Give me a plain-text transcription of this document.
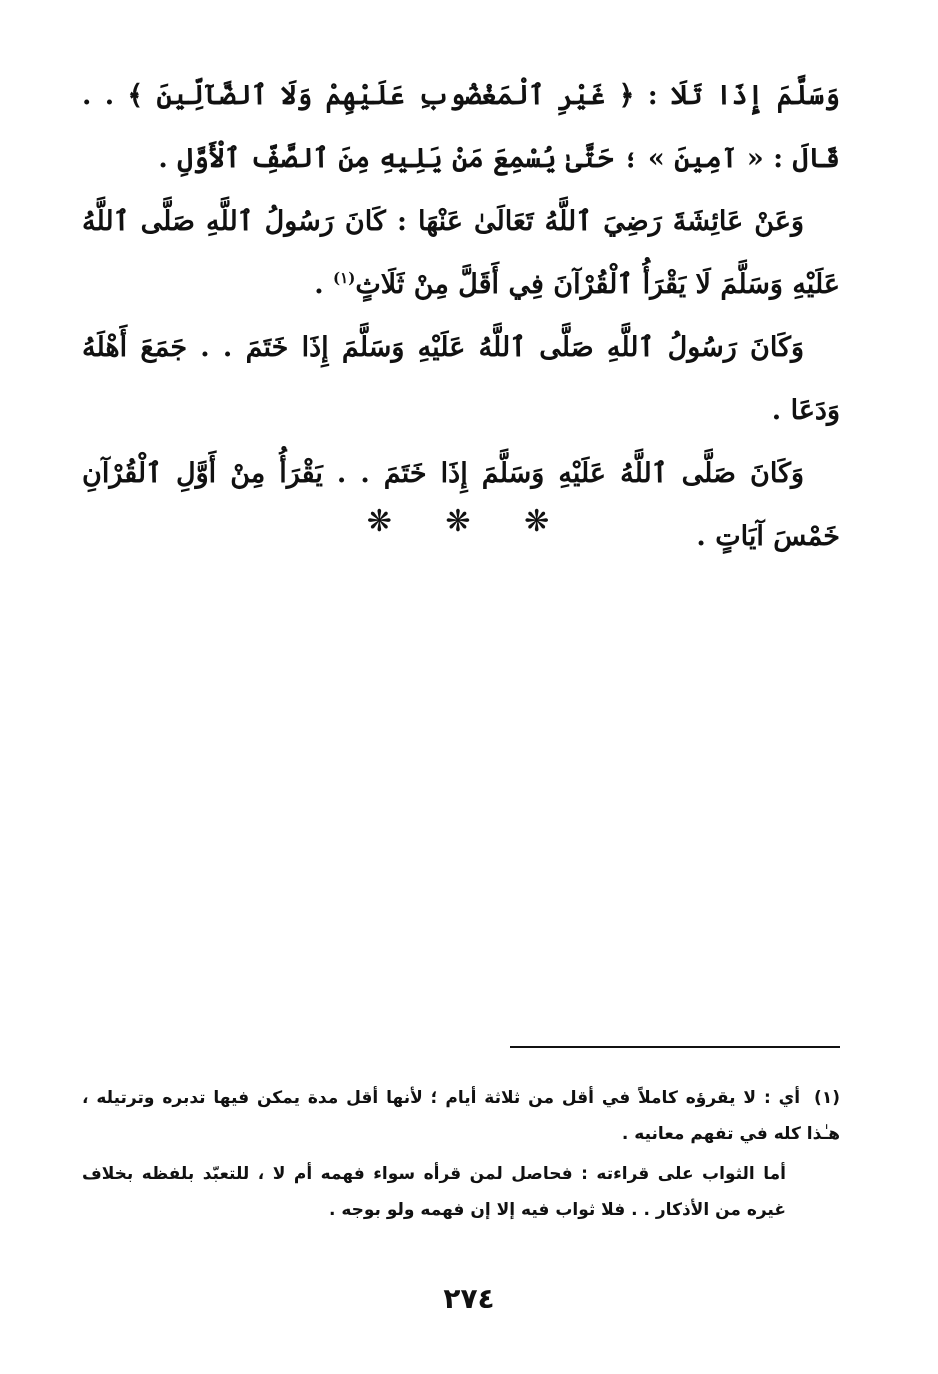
وَسَلَّمَ إِذَا تَلَا : ﴿ غَيْرِ ٱلْمَغْضُوبِ عَلَيْهِمْ وَلَا ٱلضَّآلِّينَ ﴾ . . قَالَ : « آمِينَ » ؛ حَتَّىٰ يُسْمِعَ مَنْ يَلِيهِ مِنَ ٱلصَّفِّ ٱلْأَوَّلِ .

وَعَنْ عَائِشَةَ رَضِيَ ٱللَّهُ تَعَالَىٰ عَنْهَا : كَانَ رَسُولُ ٱللَّهِ صَلَّى ٱللَّهُ عَلَيْهِ وَسَلَّمَ لَا يَقْرَأُ ٱلْقُرْآنَ فِي أَقَلَّ مِنْ ثَلَاثٍ$^{(١)}$ .

وَكَانَ رَسُولُ ٱللَّهِ صَلَّى ٱللَّهُ عَلَيْهِ وَسَلَّمَ إِذَا خَتَمَ . . جَمَعَ أَهْلَهُ وَدَعَا .

وَكَانَ صَلَّى ٱللَّهُ عَلَيْهِ وَسَلَّمَ إِذَا خَتَمَ . . يَقْرَأُ مِنْ أَوَّلِ ٱلْقُرْآنِ خَمْسَ آيَاتٍ .

❋ ❋ ❋

(١)أي : لا يقرؤه كاملاً في أقل من ثلاثة أيام ؛ لأنها أقل مدة يمكن فيها تدبره وترتيله ، هـٰذا كله في تفهم معانيه .

أما الثواب على قراءته : فحاصل لمن قرأه سواء فهمه أم لا ، للتعبّد بلفظه بخلاف غيره من الأذكار . . فلا ثواب فيه إلا إن فهمه ولو بوجه .

٢٧٤
